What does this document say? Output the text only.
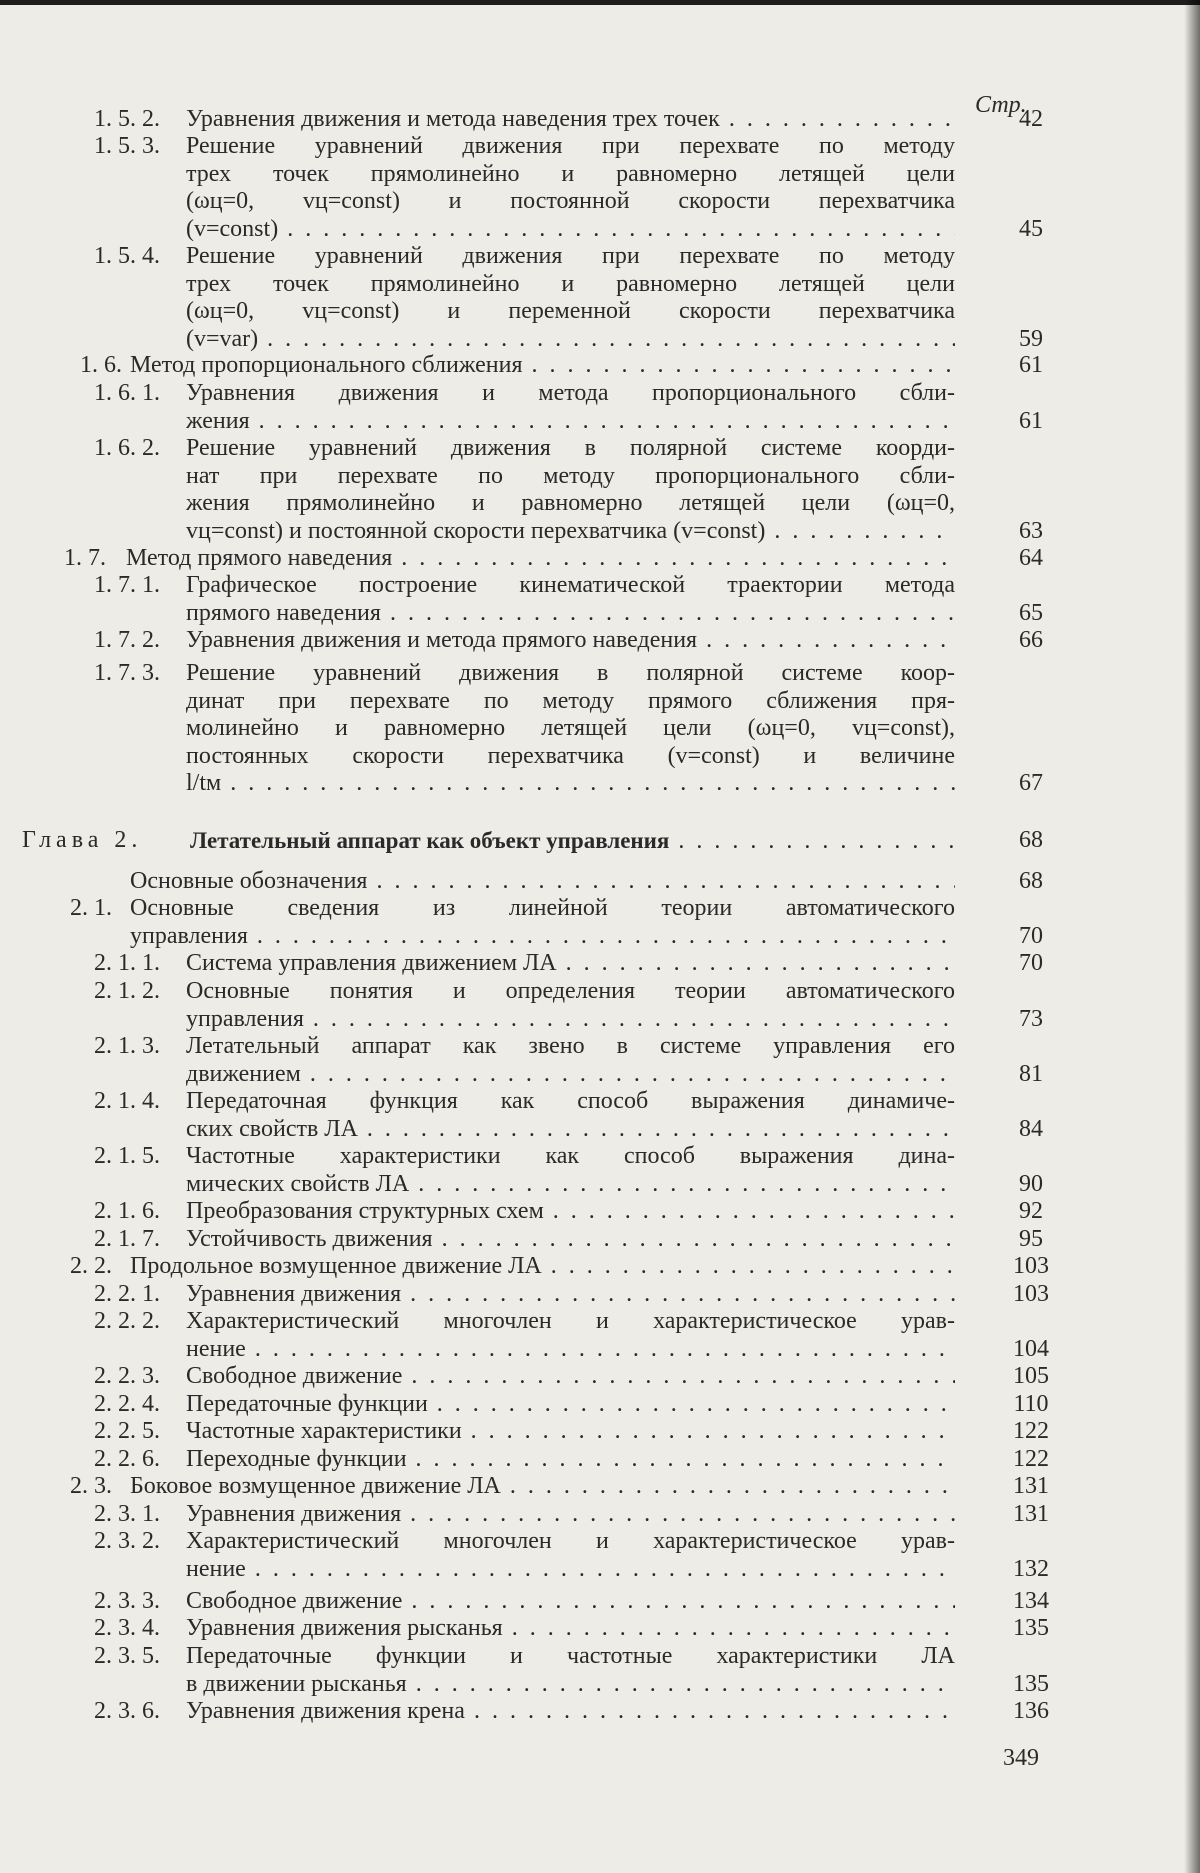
Стр.
1. 5. 2. Уравнения движения и метода наведения трех точек . . .	42
1. 5. 3. Решение уравнений движения при перехвате по методу
трех точек прямолинейно и равномерно летящей цели
(ωц=0, vц=const) и постоянной скорости перехватчика
(v=const) . . .	45
1. 5. 4. Решение уравнений движения при перехвате по методу
трех точек прямолинейно и равномерно летящей цели
(ωц=0, vц=const) и переменной скорости перехватчика
(v=var) . . .	59
1. 6. Метод пропорционального сближения . . .	61
1. 6. 1. Уравнения движения и метода пропорционального сбли-
жения . . .	61
1. 6. 2. Решение уравнений движения в полярной системе коорди-
нат при перехвате по методу пропорционального сбли-
жения прямолинейно и равномерно летящей цели (ωц=0,
vц=const) и постоянной скорости перехватчика (v=const) . . .	63
1. 7. Метод прямого наведения . . .	64
1. 7. 1. Графическое построение кинематической траектории метода
прямого наведения . . .	65
1. 7. 2. Уравнения движения и метода прямого наведения . . .	66
1. 7. 3. Решение уравнений движения в полярной системе коор-
динат при перехвате по методу прямого сближения пря-
молинейно и равномерно летящей цели (ωц=0, vц=const),
постоянных скорости перехватчика (v=const) и величине
l/tм . . .	67
Глава 2. Летательный аппарат как объект управления . . .	68
Основные обозначения . . .	68
2. 1. Основные сведения из линейной теории автоматического
управления . . .	70
2. 1. 1. Система управления движением ЛА . . .	70
2. 1. 2. Основные понятия и определения теории автоматического
управления . . .	73
2. 1. 3. Летательный аппарат как звено в системе управления его
движением . . .	81
2. 1. 4. Передаточная функция как способ выражения динамиче-
ских свойств ЛА . . .	84
2. 1. 5. Частотные характеристики как способ выражения дина-
мических свойств ЛА . . .	90
2. 1. 6. Преобразования структурных схем . . .	92
2. 1. 7. Устойчивость движения . . .	95
2. 2. Продольное возмущенное движение ЛА . . .	103
2. 2. 1. Уравнения движения . . .	103
2. 2. 2. Характеристический многочлен и характеристическое урав-
нение . . .	104
2. 2. 3. Свободное движение . . .	105
2. 2. 4. Передаточные функции . . .	110
2. 2. 5. Частотные характеристики . . .	122
2. 2. 6. Переходные функции . . .	122
2. 3. Боковое возмущенное движение ЛА . . .	131
2. 3. 1. Уравнения движения . . .	131
2. 3. 2. Характеристический многочлен и характеристическое урав-
нение . . .	132
2. 3. 3. Свободное движение . . .	134
2. 3. 4. Уравнения движения рысканья . . .	135
2. 3. 5. Передаточные функции и частотные характеристики ЛА
в движении рысканья . . .	135
2. 3. 6. Уравнения движения крена . . .	136
349
